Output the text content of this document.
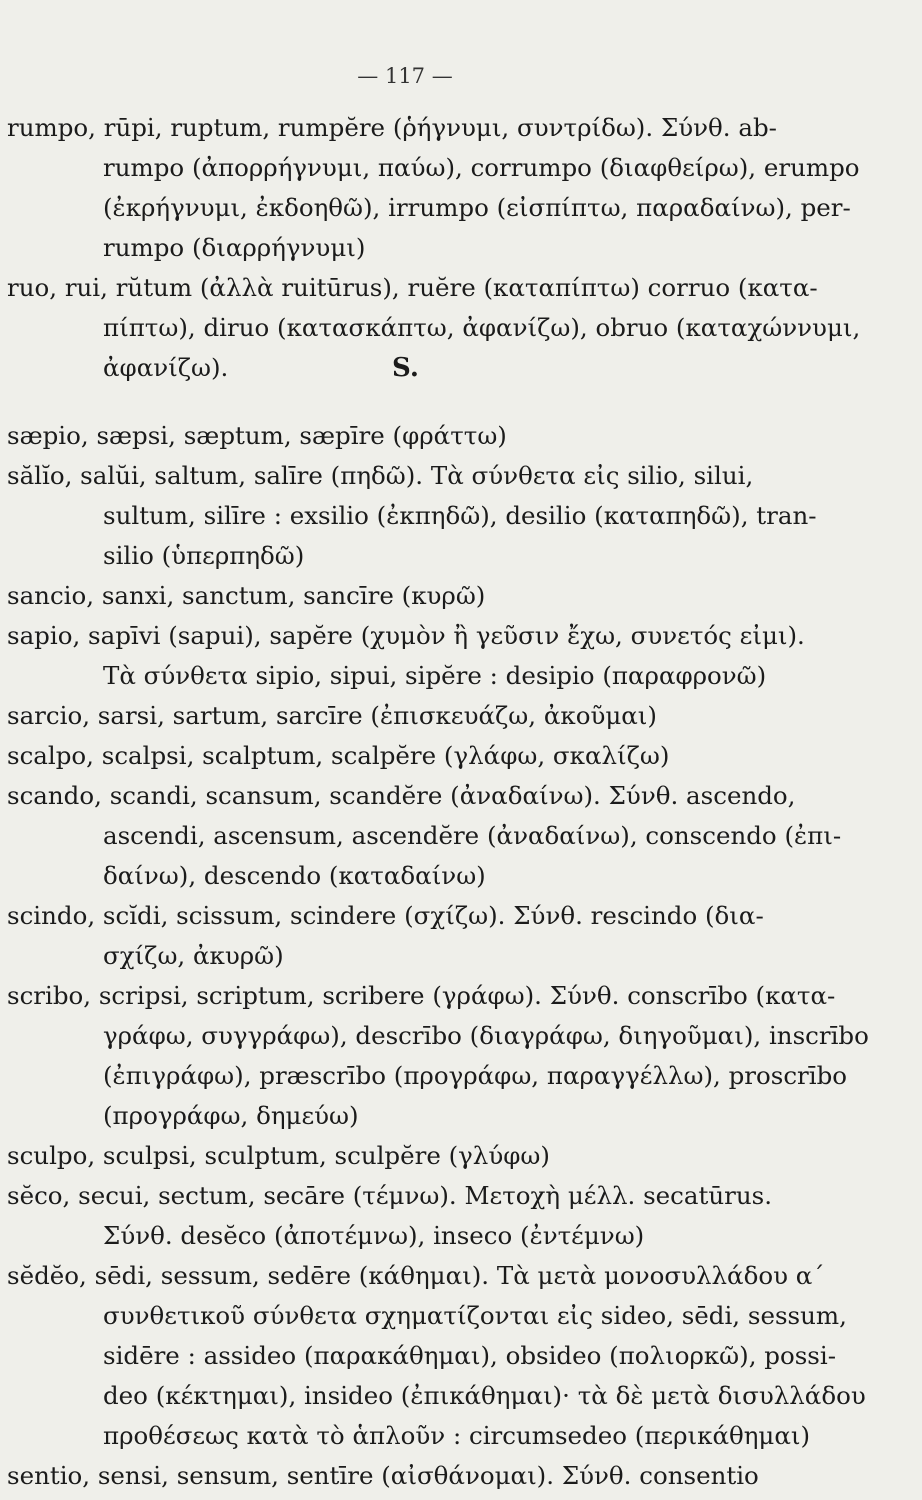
— 117 —
S.
rumpo, rūpi, ruptum, rumpĕre (ῥήγνυμι, συντρίδω). Σύνθ. ab-
rumpo (ἀπορρήγνυμι, παύω), corrumpo (διαφθείρω), erumpo
(ἐκρήγνυμι, ἐκδοηθῶ), irrumpo (εἰσπίπτω, παραδαίνω), per-
rumpo (διαρρήγνυμι)
ruo, rui, rŭtum (ἀλλὰ ruitūrus), ruĕre (καταπίπτω) corruo (κατα-
πίπτω), diruo (κατασκάπτω, ἀφανίζω), obruo (καταχώννυμι,
ἀφανίζω).
sæpio, sæpsi, sæptum, sæpīre (φράττω)
sălĭo, salŭi, saltum, salīre (πηδῶ). Τὰ σύνθετα εἰς silio, silui,
sultum, silīre : exsilio (ἐκπηδῶ), desilio (καταπηδῶ), tran-
silio (ὑπερπηδῶ)
sancio, sanxi, sanctum, sancīre (κυρῶ)
sapio, sapīvi (sapui), sapĕre (χυμὸν ἢ γεῦσιν ἔχω, συνετός εἰμι).
Τὰ σύνθετα sipio, sipui, sipĕre : desipio (παραφρονῶ)
sarcio, sarsi, sartum, sarcīre (ἐπισκευάζω, ἀκοῦμαι)
scalpo, scalpsi, scalptum, scalpĕre (γλάφω, σκαλίζω)
scando, scandi, scansum, scandĕre (ἀναδαίνω). Σύνθ. ascendo,
ascendi, ascensum, ascendĕre (ἀναδαίνω), conscendo (ἐπι-
δαίνω), descendo (καταδαίνω)
scindo, scĭdi, scissum, scindere (σχίζω). Σύνθ. rescindo (δια-
σχίζω, ἀκυρῶ)
scribo, scripsi, scriptum, scribere (γράφω). Σύνθ. conscrībo (κατα-
γράφω, συγγράφω), descrībo (διαγράφω, διηγοῦμαι), inscrībo
(ἐπιγράφω), præscrībo (προγράφω, παραγγέλλω), proscrībo
(προγράφω, δημεύω)
sculpo, sculpsi, sculptum, sculpĕre (γλύφω)
sĕco, secui, sectum, secāre (τέμνω). Μετοχὴ μέλλ. secatūrus.
Σύνθ. desĕco (ἀποτέμνω), inseco (ἐντέμνω)
sĕdĕo, sēdi, sessum, sedēre (κάθημαι). Τὰ μετὰ μονοσυλλάδου α´
συνθετικοῦ σύνθετα σχηματίζονται εἰς sideo, sēdi, sessum,
sidēre : assideo (παρακάθημαι), obsideo (πολιορκῶ), possi-
deo (κέκτημαι), insideo (ἐπικάθημαι)· τὰ δὲ μετὰ δισυλλάδου
προθέσεως κατὰ τὸ ἁπλοῦν : circumsedeo (περικάθημαι)
sentio, sensi, sensum, sentīre (αἰσθάνομαι). Σύνθ. consentio
